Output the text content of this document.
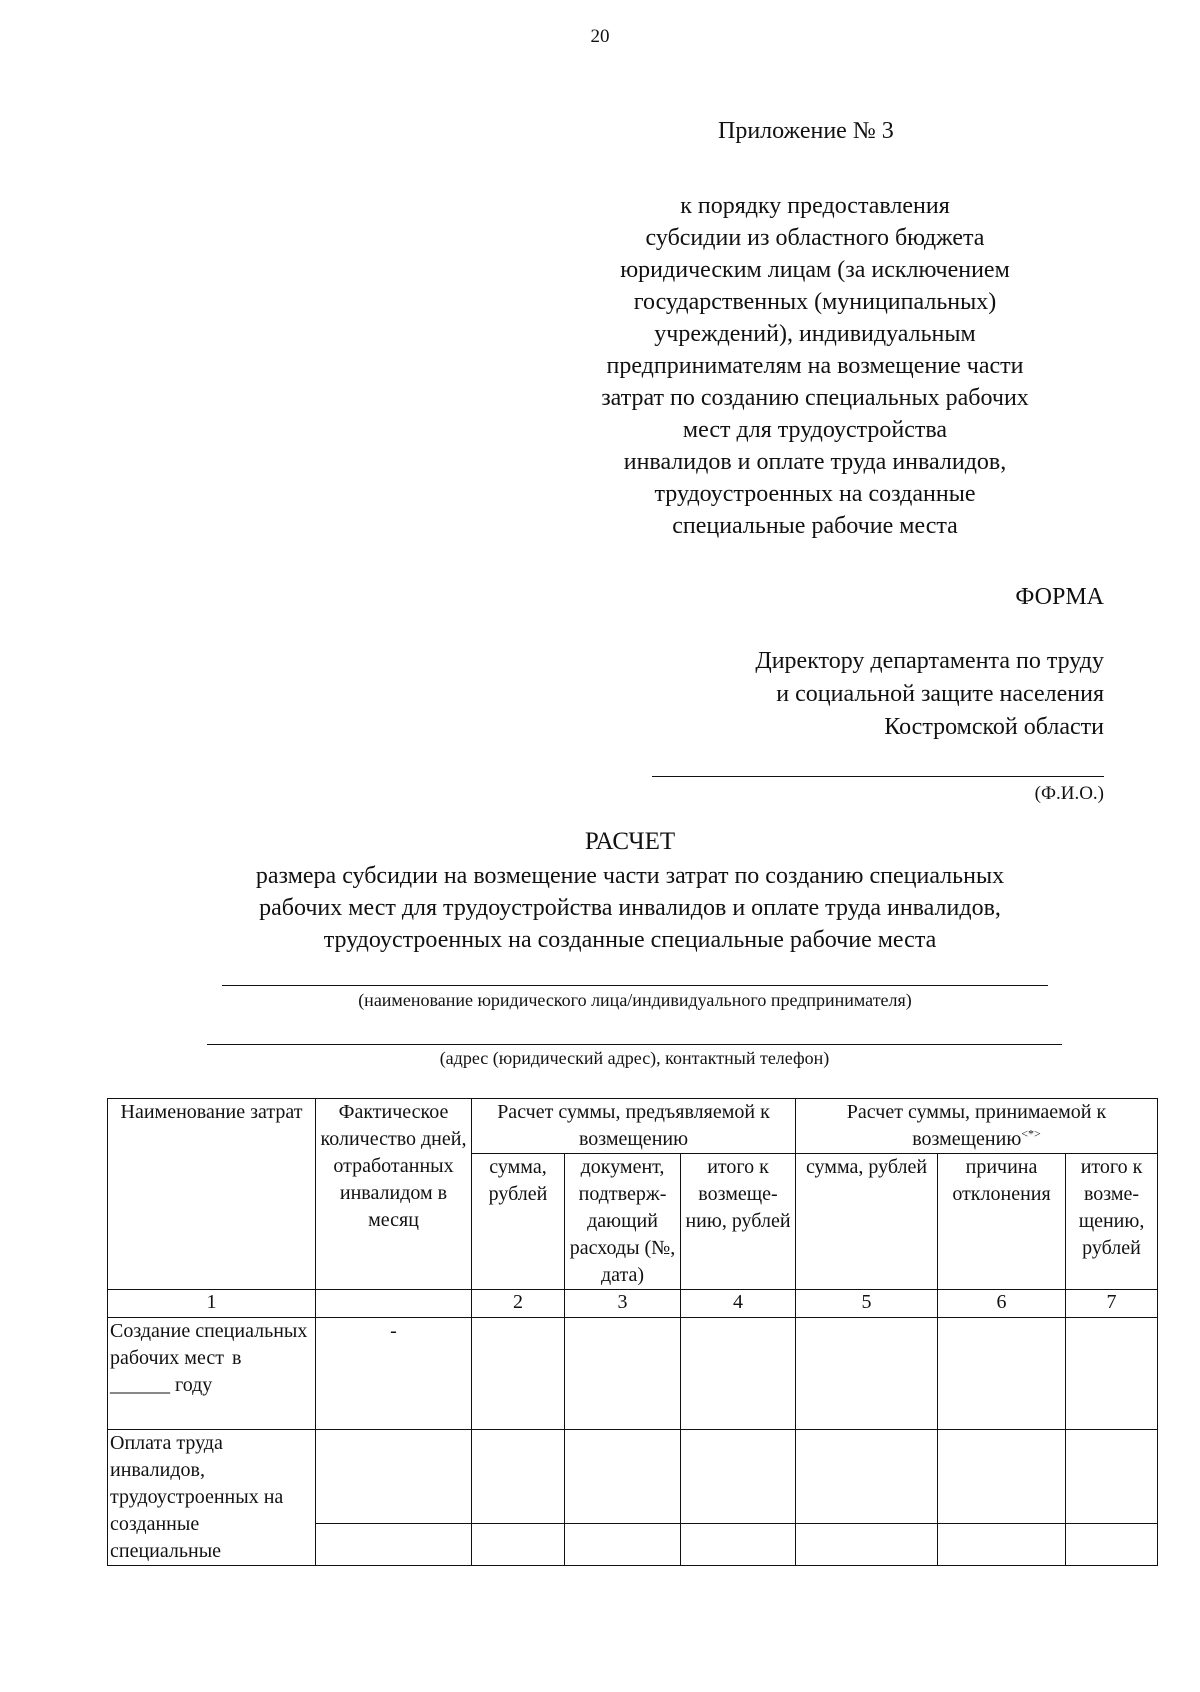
20
Приложение № 3
к порядку предоставления
субсидии из областного бюджета
юридическим лицам (за исключением
государственных (муниципальных)
учреждений), индивидуальным
предпринимателям на возмещение части
затрат по созданию специальных рабочих
мест для трудоустройства
инвалидов и оплате труда инвалидов,
трудоустроенных на созданные
специальные рабочие места
ФОРМА
Директору департамента по труду
и социальной защите населения
Костромской области
(Ф.И.О.)
РАСЧЕТ
размера субсидии на возмещение части затрат по созданию специальных
рабочих мест для трудоустройства инвалидов и оплате труда инвалидов,
трудоустроенных на созданные специальные рабочие места
(наименование юридического лица/индивидуального предпринимателя)
(адрес (юридический адрес), контактный телефон)
Наименование затрат	Фактическое количество дней, отработанных инвалидом в месяц	Расчет суммы, предъявляемой к возмещению			Расчет суммы, принимаемой к возмещению<*>
		сумма, рублей	документ, подтверж-дающий расходы (№, дата)	итого к возмеще-нию, рублей	сумма, рублей	причина отклонения	итого к возме-щению, рублей
1		2	3	4	5	6	7
Создание специальных рабочих мест в
______ году	-						
Оплата труда инвалидов, трудоустроенных на созданные специальные							
